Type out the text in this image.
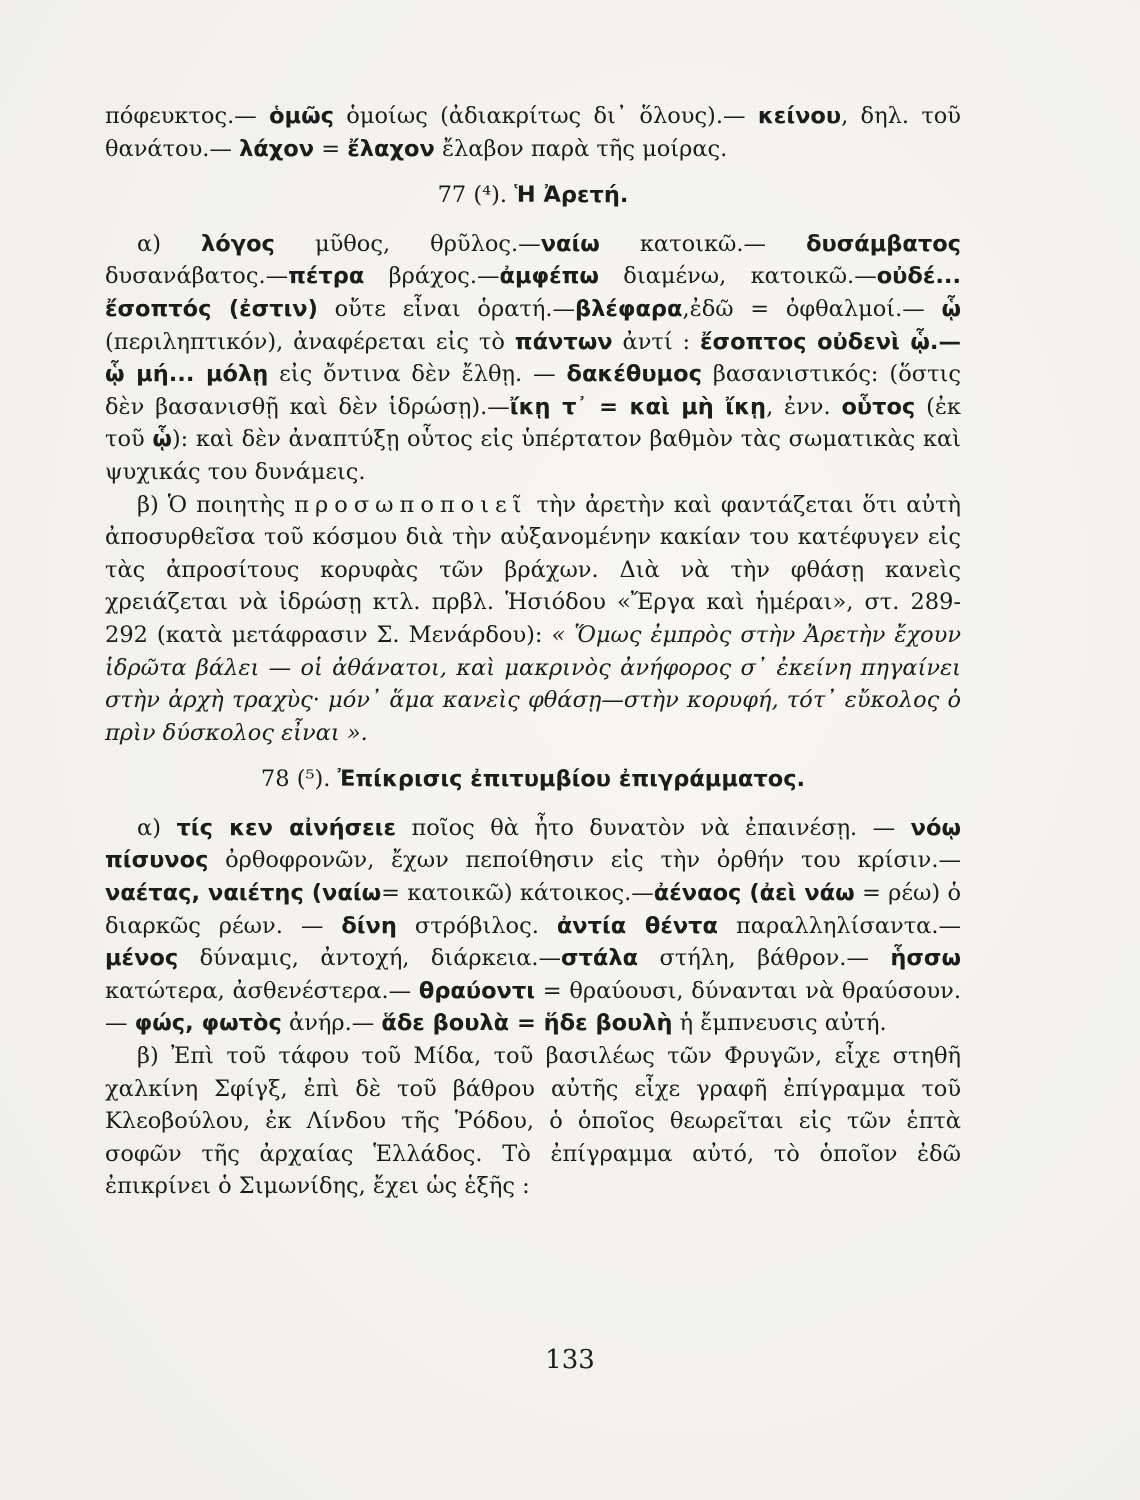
πόφευκτος.— ὁμῶς ὁμοίως (ἀδιακρίτως δι᾽ ὅλους).— κείνου, δηλ. τοῦ θανάτου.— λάχον = ἔλαχον ἔλαβον παρὰ τῆς μοίρας.

77 (⁴). Ἡ Ἀρετή.

α) λόγος μῦθος, θρῦλος.—ναίω κατοικῶ.— δυσάμβατος δυσανάβατος.—πέτρα βράχος.—ἀμφέπω διαμένω, κατοικῶ.—οὐδέ... ἔσοπτός (ἐστιν) οὔτε εἶναι ὁρατή.—βλέφαρα,ἐδῶ = ὀφθαλμοί.— ᾧ (περιληπτικόν), ἀναφέρεται εἰς τὸ πάντων ἀντί : ἔσοπτος οὐδενὶ ᾧ.— ᾧ μή... μόλῃ εἰς ὄντινα δὲν ἔλθῃ. — δακέθυμος βασανιστικός: (ὅστις δὲν βασανισθῇ καὶ δὲν ἱδρώσῃ).—ἴκῃ τ᾽ = καὶ μὴ ἴκῃ, ἐνν. οὗτος (ἐκ τοῦ ᾧ): καὶ δὲν ἀναπτύξῃ οὗτος εἰς ὑπέρτατον βαθμὸν τὰς σωματικὰς καὶ ψυχικάς του δυνάμεις.

β) Ὁ ποιητὴς προσωποποιεῖ τὴν ἀρετὴν καὶ φαντάζεται ὅτι αὐτὴ ἀποσυρθεῖσα τοῦ κόσμου διὰ τὴν αὐξανομένην κακίαν του κατέφυγεν εἰς τὰς ἀπροσίτους κορυφὰς τῶν βράχων. Διὰ νὰ τὴν φθάσῃ κανεὶς χρειάζεται νὰ ἱδρώσῃ κτλ. πρβλ. Ἡσιόδου «Ἔργα καὶ ἡμέραι», στ. 289-292 (κατὰ μετάφρασιν Σ. Μενάρδου): « Ὅμως ἐμπρὸς στὴν Ἀρετὴν ἔχουν ἱδρῶτα βάλει — οἱ ἀθάνατοι, καὶ μακρινὸς ἀνήφορος σ᾽ ἐκείνη πηγαίνει στὴν ἀρχὴ τραχὺς· μόν᾽ ἅμα κανεὶς φθάσῃ—στὴν κορυφή, τότ᾽ εὔκολος ὁ πρὶν δύσκολος εἶναι ».

78 (⁵). Ἐπίκρισις ἐπιτυμβίου ἐπιγράμματος.

α) τίς κεν αἰνήσειε ποῖος θὰ ἦτο δυνατὸν νὰ ἐπαινέσῃ. — νόῳ πίσυνος ὀρθοφρονῶν, ἔχων πεποίθησιν εἰς τὴν ὀρθήν του κρίσιν.— ναέτας, ναιέτης (ναίω= κατοικῶ) κάτοικος.—ἀέναος (ἀεὶ νάω = ρέω) ὁ διαρκῶς ρέων. — δίνη στρόβιλος. ἀντία θέντα παραλληλίσαντα.— μένος δύναμις, ἀντοχή, διάρκεια.—στάλα στήλη, βάθρον.— ἧσσω κατώτερα, ἀσθενέστερα.— θραύοντι = θραύουσι, δύνανται νὰ θραύσουν. — φώς, φωτὸς ἀνήρ.— ἅδε βουλὰ = ἥδε βουλὴ ἡ ἔμπνευσις αὐτή.

β) Ἐπὶ τοῦ τάφου τοῦ Μίδα, τοῦ βασιλέως τῶν Φρυγῶν, εἶχε στηθῆ χαλκίνη Σφίγξ, ἐπὶ δὲ τοῦ βάθρου αὐτῆς εἶχε γραφῆ ἐπίγραμμα τοῦ Κλεοβούλου, ἐκ Λίνδου τῆς Ῥόδου, ὁ ὁποῖος θεωρεῖται εἰς τῶν ἑπτὰ σοφῶν τῆς ἀρχαίας Ἑλλάδος. Τὸ ἐπίγραμμα αὐτό, τὸ ὁποῖον ἐδῶ ἐπικρίνει ὁ Σιμωνίδης, ἔχει ὡς ἑξῆς :

133
